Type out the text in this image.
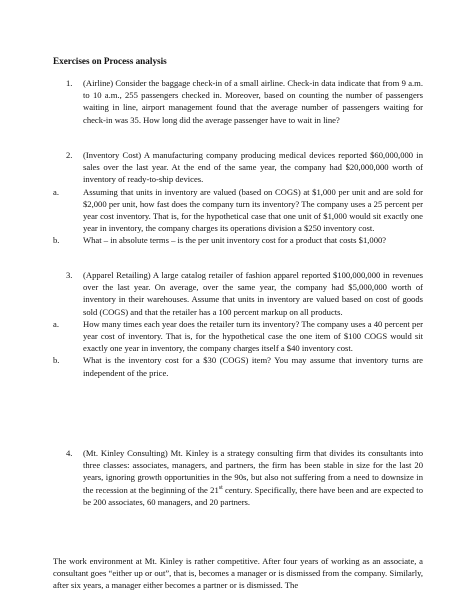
Exercises on Process analysis
1. (Airline) Consider the baggage check-in of a small airline. Check-in data indicate that from 9 a.m. to 10 a.m., 255 passengers checked in. Moreover, based on counting the number of passengers waiting in line, airport management found that the average number of passengers waiting for check-in was 35. How long did the average passenger have to wait in line?
2. (Inventory Cost) A manufacturing company producing medical devices reported $60,000,000 in sales over the last year. At the end of the same year, the company had $20,000,000 worth of inventory of ready-to-ship devices.
a.	Assuming that units in inventory are valued (based on COGS) at $1,000 per unit and are sold for $2,000 per unit, how fast does the company turn its inventory? The company uses a 25 percent per year cost inventory. That is, for the hypothetical case that one unit of $1,000 would sit exactly one year in inventory, the company charges its operations division a $250 inventory cost.
b.	What – in absolute terms – is the per unit inventory cost for a product that costs $1,000?
3. (Apparel Retailing) A large catalog retailer of fashion apparel reported $100,000,000 in revenues over the last year. On average, over the same year, the company had $5,000,000 worth of inventory in their warehouses. Assume that units in inventory are valued based on cost of goods sold (COGS) and that the retailer has a 100 percent markup on all products.
a.	How many times each year does the retailer turn its inventory? The company uses a 40 percent per year cost of inventory. That is, for the hypothetical case the one item of $100 COGS would sit exactly one year in inventory, the company charges itself a $40 inventory cost.
b.	What is the inventory cost for a $30 (COGS) item? You may assume that inventory turns are independent of the price.
4. (Mt. Kinley Consulting) Mt. Kinley is a strategy consulting firm that divides its consultants into three classes: associates, managers, and partners, the firm has been stable in size for the last 20 years, ignoring growth opportunities in the 90s, but also not suffering from a need to downsize in the recession at the beginning of the 21st century. Specifically, there have been and are expected to be 200 associates, 60 managers, and 20 partners.
The work environment at Mt. Kinley is rather competitive. After four years of working as an associate, a consultant goes “either up or out”, that is, becomes a manager or is dismissed from the company. Similarly, after six years, a manager either becomes a partner or is dismissed. The
